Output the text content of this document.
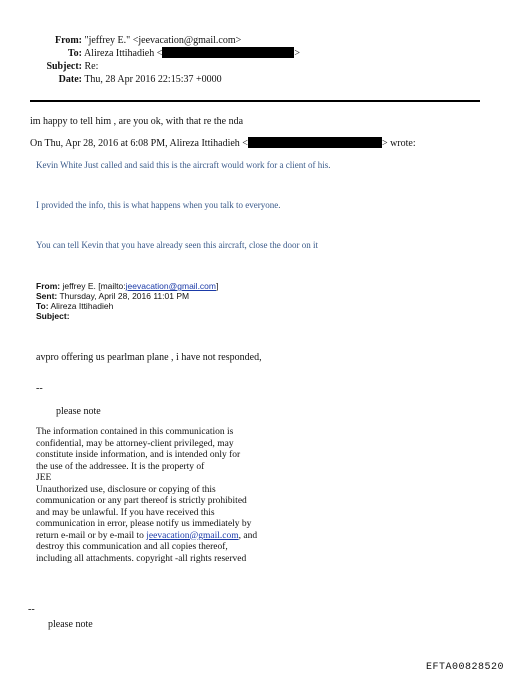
From: "jeffrey E." <jeevacation@gmail.com>
To: Alireza Ittihadieh <	>
Subject: Re:
Date: Thu, 28 Apr 2016 22:15:37 +0000
im happy to tell him , are you ok, with that re the nda
On Thu, Apr 28, 2016 at 6:08 PM, Alireza Ittihadieh <	> wrote:
Kevin White Just called and said this is the aircraft would work for a client of his.
I provided the info, this is what happens when you talk to everyone.
You can tell Kevin that you have already seen this aircraft, close the door on it
From: jeffrey E. [mailto:jeevacation@gmail.com]
Sent: Thursday, April 28, 2016 11:01 PM
To: Alireza Ittihadieh
Subject:
avpro offering us pearlman plane , i have not responded,
--
please note

The information contained in this communication is

confidential, may be attorney-client privileged, may

constitute inside information, and is intended only for

the use of the addressee. It is the property of

JEE

Unauthorized use, disclosure or copying of this

communication or any part thereof is strictly prohibited

and may be unlawful. If you have received this

communication in error, please notify us immediately by

return e-mail or by e-mail to jeevacation@gmail.com, and

destroy this communication and all copies thereof,

including all attachments. copyright -all rights reserved

--
please note
EFTA00828520
